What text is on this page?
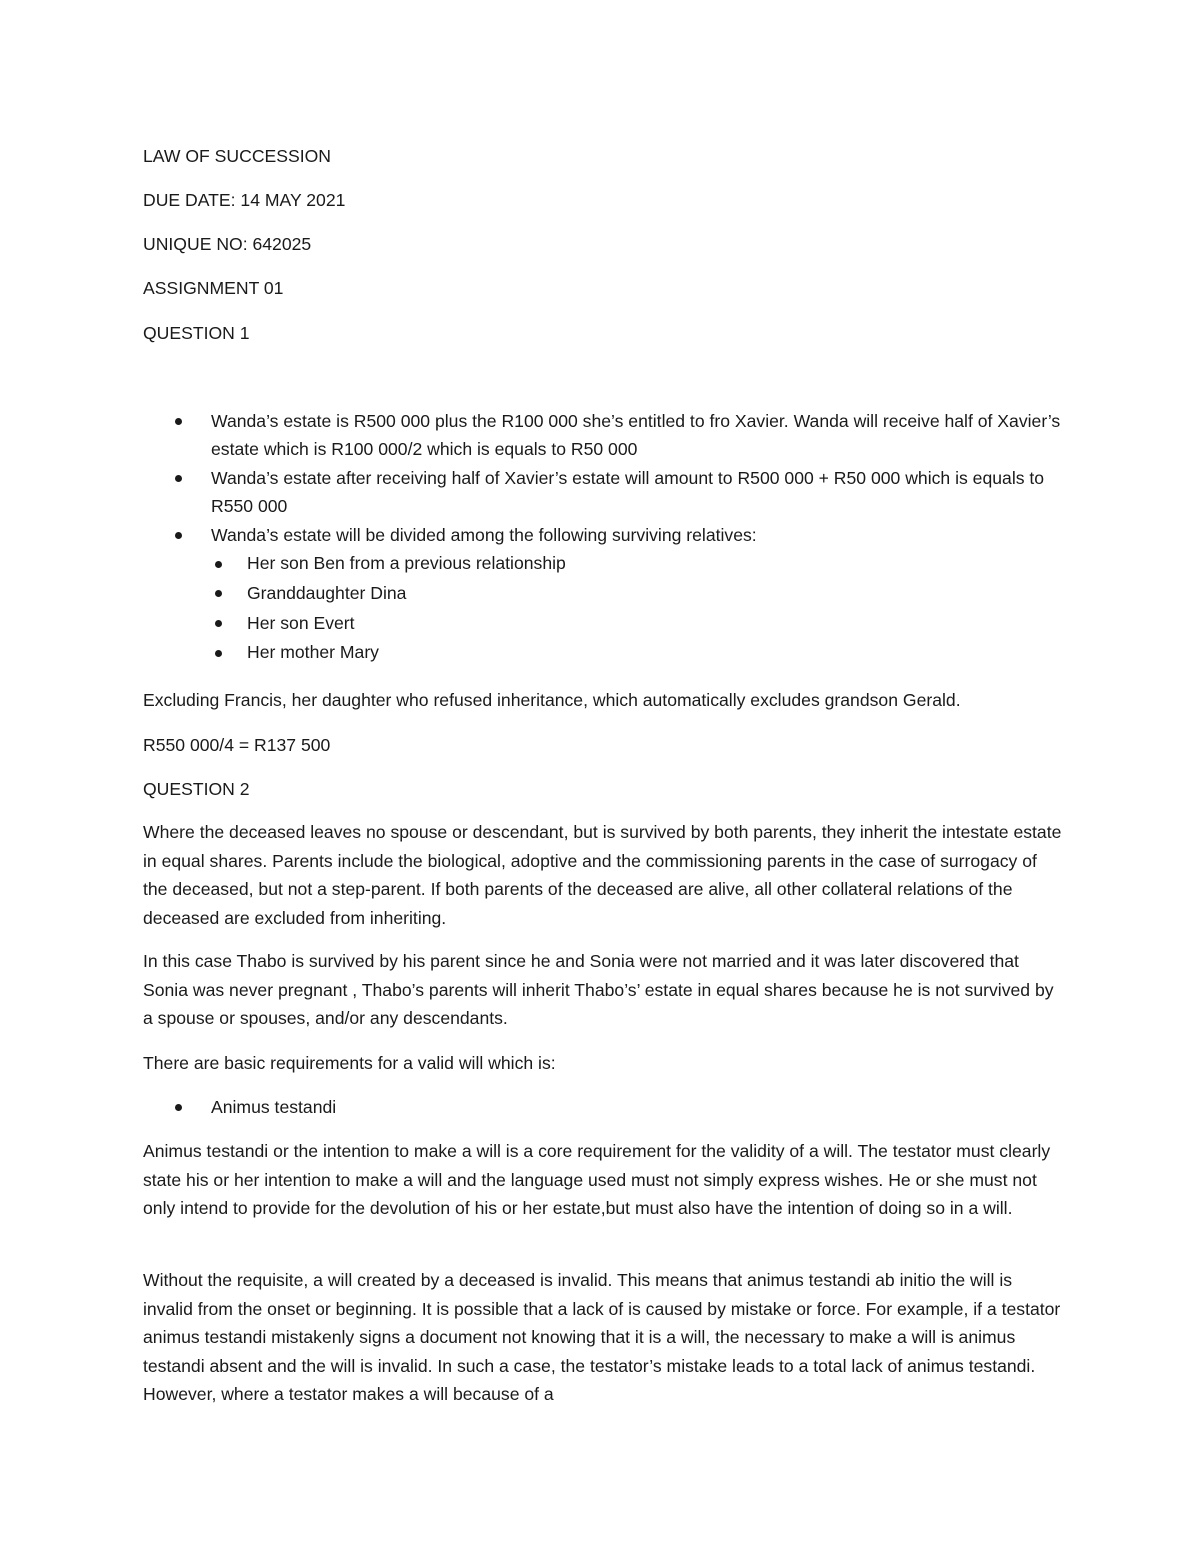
LAW OF SUCCESSION
DUE DATE: 14 MAY 2021
UNIQUE NO: 642025
ASSIGNMENT 01
QUESTION 1
Wanda’s estate is R500 000 plus the R100 000 she’s entitled to fro Xavier. Wanda will receive half of Xavier’s estate which is R100 000/2 which is equals to R50 000
Wanda’s estate after receiving half of Xavier’s estate will amount to R500 000 + R50 000 which is equals to R550 000
Wanda’s estate will be divided among the following surviving relatives:
Her son Ben from a previous relationship
Granddaughter Dina
Her son Evert
Her mother Mary
Excluding Francis, her daughter who refused inheritance, which automatically excludes grandson Gerald.
R550 000/4 = R137 500
QUESTION 2

Where the deceased leaves no spouse or descendant, but is survived by both parents, they inherit the intestate estate in equal shares. Parents include the biological, adoptive and the commissioning parents in the case of surrogacy of the deceased, but not a step-parent. If both parents of the deceased are alive, all other collateral relations of the deceased are excluded from inheriting.

In this case Thabo is survived by his parent since he and Sonia were not married and it was later discovered that Sonia was never pregnant , Thabo’s parents will inherit Thabo’s’ estate in equal shares because he is not survived by a spouse or spouses, and/or any descendants.

There are basic requirements for a valid will which is:
Animus testandi

Animus testandi or the intention to make a will is a core requirement for the validity of a will. The testator must clearly state his or her intention to make a will and the language used must not simply express wishes. He or she must not only intend to provide for the devolution of his or her estate,but must also have the intention of doing so in a will.

Without the requisite, a will created by a deceased is invalid. This means that animus testandi ab initio the will is invalid from the onset or beginning. It is possible that a lack of is caused by mistake or force. For example, if a testator animus testandi mistakenly signs a document not knowing that it is a will, the necessary to make a will is animus testandi absent and the will is invalid. In such a case, the testator’s mistake leads to a total lack of animus testandi. However, where a testator makes a will because of a
